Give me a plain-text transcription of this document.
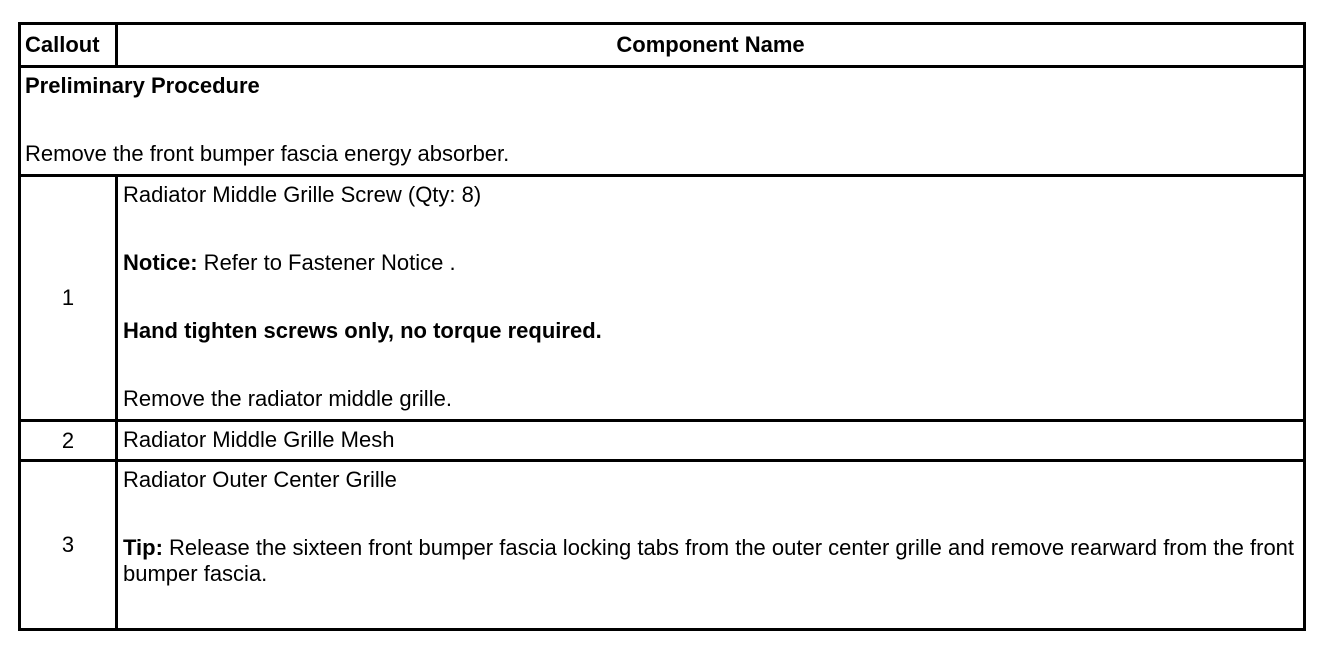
Callout	Component Name

Preliminary Procedure
Remove the front bumper fascia energy absorber.	

1	Radiator Middle Grille Screw (Qty: 8)
Notice: Refer to Fastener Notice .
Hand tighten screws only, no torque required.
Remove the radiator middle grille.

2	Radiator Middle Grille Mesh

3	Radiator Outer Center Grille
Tip: Release the sixteen front bumper fascia locking tabs from the outer center grille and remove rearward from the front bumper fascia.
